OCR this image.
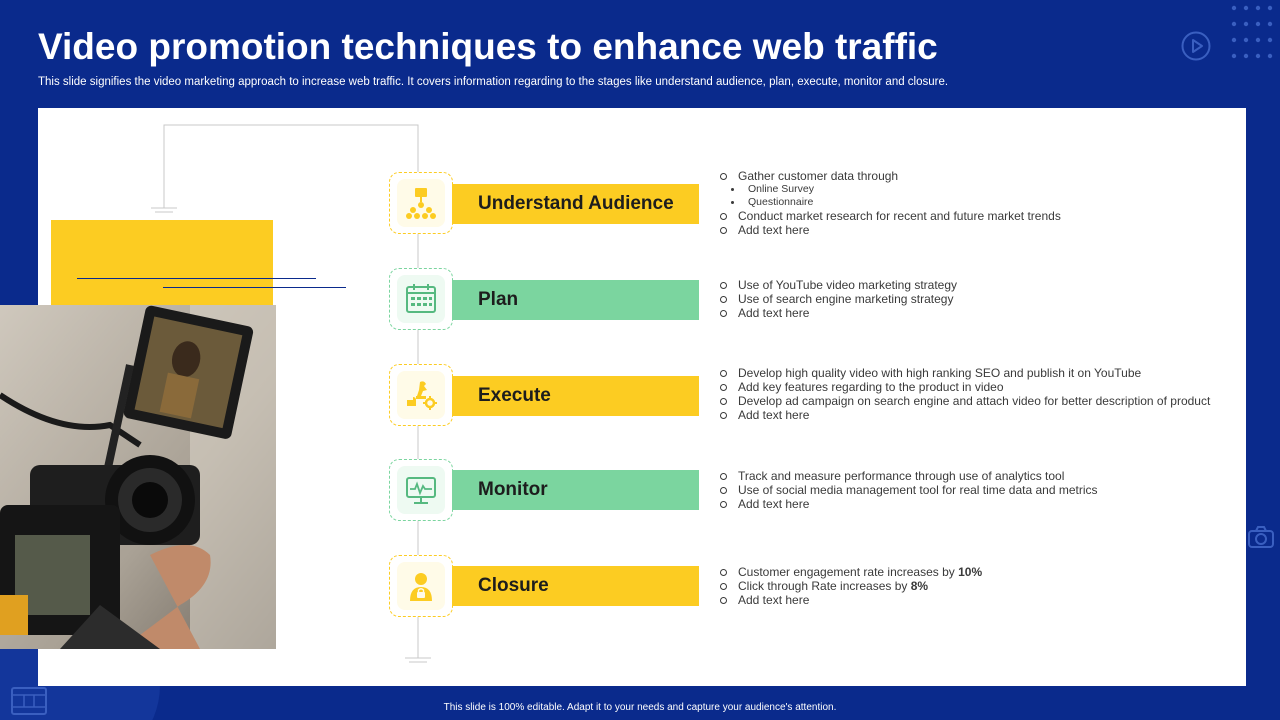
Video promotion techniques to enhance web traffic
This slide signifies the video marketing approach to increase web traffic. It covers information regarding to the stages like understand audience, plan, execute, monitor and closure.
Understand Audience
Gather customer data through
Online Survey
Questionnaire
Conduct market research for recent and future market trends
Add text here
Plan
Use of YouTube video marketing strategy
Use of search engine marketing strategy
Add text here
Execute
Develop high quality video with high ranking SEO and publish it on YouTube
Add key features regarding to the product in video
Develop ad campaign on search engine and attach video for better description of product
Add text here
Monitor
Track and measure performance through use of analytics tool
Use of social media management tool for real time data and metrics
Add text here
Closure
Customer engagement rate increases by 10%
Click through Rate increases by 8%
Add text here
This slide is 100% editable. Adapt it to your needs and capture your audience's attention.
